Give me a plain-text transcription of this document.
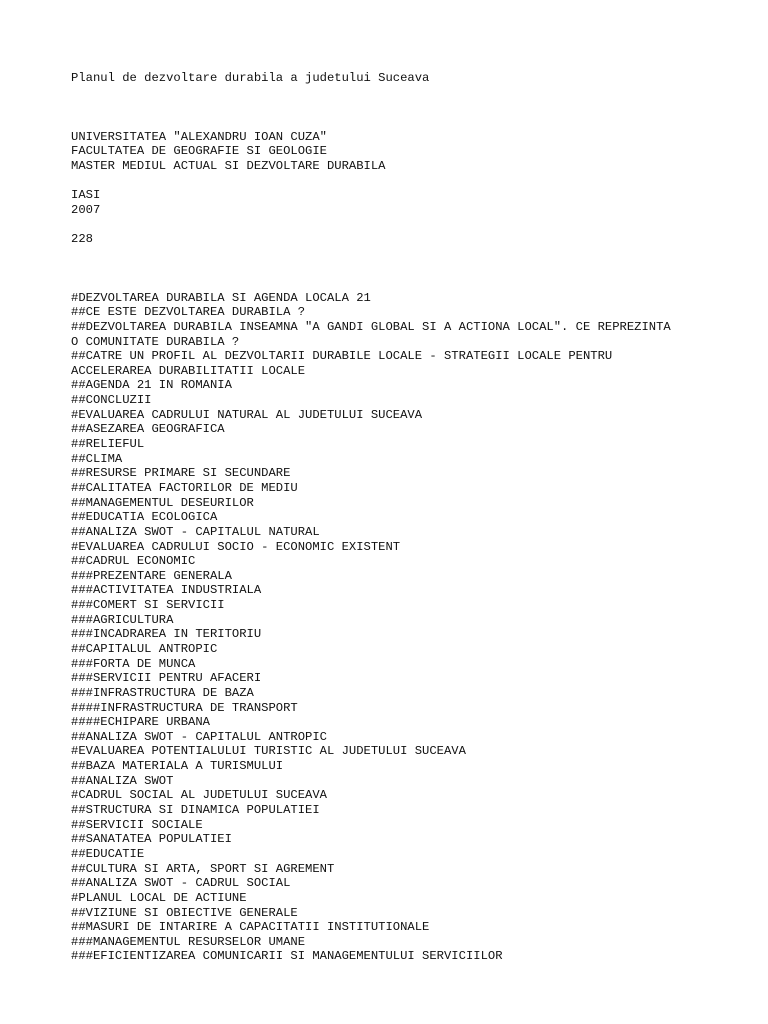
Planul de dezvoltare durabila a judetului Suceava
UNIVERSITATEA "ALEXANDRU IOAN CUZA"
FACULTATEA DE GEOGRAFIE SI GEOLOGIE
MASTER MEDIUL ACTUAL SI DEZVOLTARE DURABILA
IASI
2007
228
#DEZVOLTAREA DURABILA SI AGENDA LOCALA 21
##CE ESTE DEZVOLTAREA DURABILA ?
##DEZVOLTAREA DURABILA INSEAMNA "A GANDI GLOBAL SI A ACTIONA LOCAL". CE REPREZINTA
O COMUNITATE DURABILA ?
##CATRE UN PROFIL AL DEZVOLTARII DURABILE LOCALE - STRATEGII LOCALE PENTRU
ACCELERAREA DURABILITATII LOCALE
##AGENDA 21 IN ROMANIA
##CONCLUZII
#EVALUAREA CADRULUI NATURAL AL JUDETULUI SUCEAVA
##ASEZAREA GEOGRAFICA
##RELIEFUL
##CLIMA
##RESURSE PRIMARE SI SECUNDARE
##CALITATEA FACTORILOR DE MEDIU
##MANAGEMENTUL DESEURILOR
##EDUCATIA ECOLOGICA
##ANALIZA SWOT - CAPITALUL NATURAL
#EVALUAREA CADRULUI SOCIO - ECONOMIC EXISTENT
##CADRUL ECONOMIC
###PREZENTARE GENERALA
###ACTIVITATEA INDUSTRIALA
###COMERT SI SERVICII
###AGRICULTURA
###INCADRAREA IN TERITORIU
##CAPITALUL ANTROPIC
###FORTA DE MUNCA
###SERVICII PENTRU AFACERI
###INFRASTRUCTURA DE BAZA
####INFRASTRUCTURA DE TRANSPORT
####ECHIPARE URBANA
##ANALIZA SWOT - CAPITALUL ANTROPIC
#EVALUAREA POTENTIALULUI TURISTIC AL JUDETULUI SUCEAVA
##BAZA MATERIALA A TURISMULUI
##ANALIZA SWOT
#CADRUL SOCIAL AL JUDETULUI SUCEAVA
##STRUCTURA SI DINAMICA POPULATIEI
##SERVICII SOCIALE
##SANATATEA POPULATIEI
##EDUCATIE
##CULTURA SI ARTA, SPORT SI AGREMENT
##ANALIZA SWOT - CADRUL SOCIAL
#PLANUL LOCAL DE ACTIUNE
##VIZIUNE SI OBIECTIVE GENERALE
##MASURI DE INTARIRE A CAPACITATII INSTITUTIONALE
###MANAGEMENTUL RESURSELOR UMANE
###EFICIENTIZAREA COMUNICARII SI MANAGEMENTULUI SERVICIILOR
